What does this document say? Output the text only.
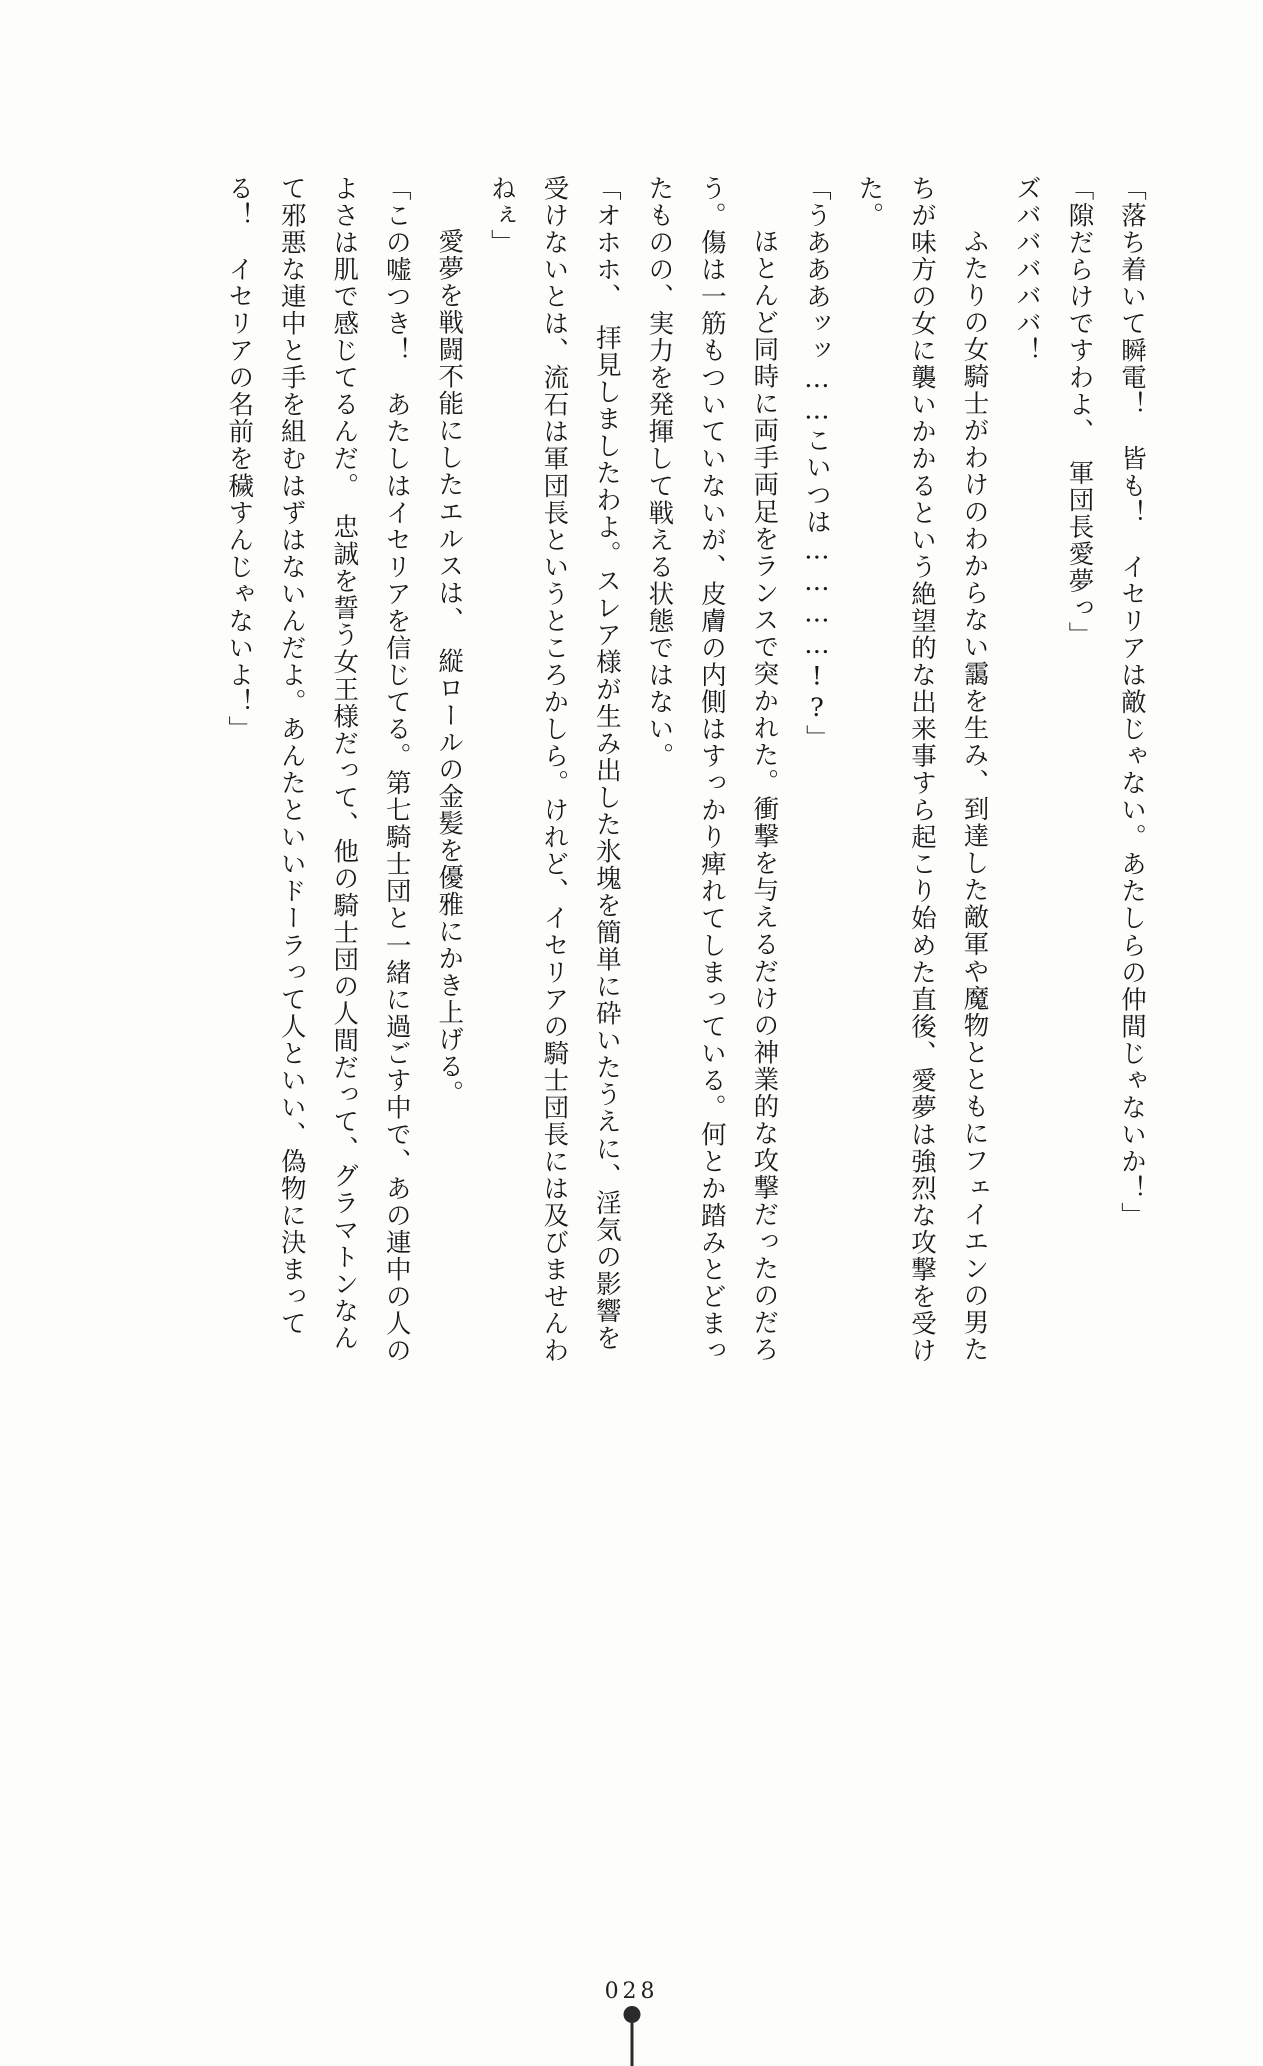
「落ち着いて瞬電！　皆も！　イセリアは敵じゃない。あたしらの仲間じゃないか！」

「隙だらけですわよ、　軍団長愛夢っ」

ズバババババ！

　ふたりの女騎士がわけのわからない靄を生み、到達した敵軍や魔物とともにフェイエンの男たちが味方の女に襲いかかるという絶望的な出来事すら起こり始めた直後、愛夢は強烈な攻撃を受けた。

「うあああッッ……こいつは…………!?」

　ほとんど同時に両手両足をランスで突かれた。衝撃を与えるだけの神業的な攻撃だったのだろう。傷は一筋もついていないが、皮膚の内側はすっかり痺れてしまっている。何とか踏みとどまったものの、実力を発揮して戦える状態ではない。

「オホホ、　拝見しましたわよ。スレア様が生み出した氷塊を簡単に砕いたうえに、淫気の影響を受けないとは、流石は軍団長というところかしら。けれど、イセリアの騎士団長には及びませんわねぇ」

　愛夢を戦闘不能にしたエルスは、　縦ロールの金髪を優雅にかき上げる。

「この嘘つき！　あたしはイセリアを信じてる。第七騎士団と一緒に過ごす中で、あの連中の人のよさは肌で感じてるんだ。　忠誠を誓う女王様だって、他の騎士団の人間だって、グラマトンなんて邪悪な連中と手を組むはずはないんだよ。あんたといいドーラって人といい、偽物に決まってる！　イセリアの名前を穢すんじゃないよ！」

028
